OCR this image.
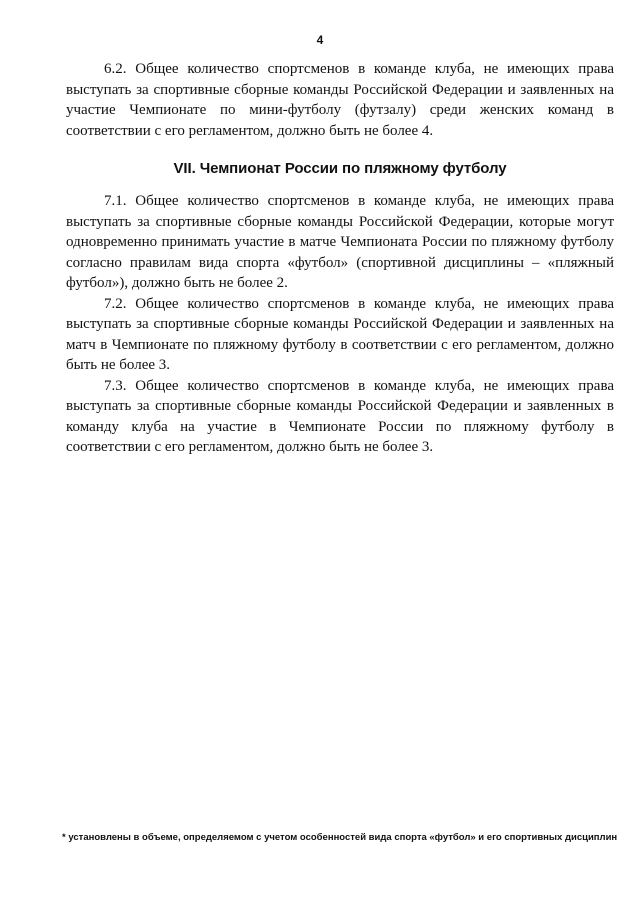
4

6.2. Общее количество спортсменов в команде клуба, не имеющих права выступать за спортивные сборные команды Российской Федерации и заявленных на участие Чемпионате по мини-футболу (футзалу) среди женских команд в соответствии с его регламентом, должно быть не более 4.

VII. Чемпионат России по пляжному футболу

7.1. Общее количество спортсменов в команде клуба, не имеющих права выступать за спортивные сборные команды Российской Федерации, которые могут одновременно принимать участие в матче Чемпионата России по пляжному футболу согласно правилам вида спорта «футбол» (спортивной дисциплины – «пляжный футбол»), должно быть не более 2.

7.2. Общее количество спортсменов в команде клуба, не имеющих права выступать за спортивные сборные команды Российской Федерации и заявленных на матч в Чемпионате по пляжному футболу в соответствии с его регламентом, должно быть не более 3.

7.3. Общее количество спортсменов в команде клуба, не имеющих права выступать за спортивные сборные команды Российской Федерации и заявленных в команду клуба на участие в Чемпионате России по пляжному футболу в соответствии с его регламентом, должно быть не более 3.

* установлены в объеме, определяемом с учетом особенностей вида спорта «футбол» и его спортивных дисциплин
